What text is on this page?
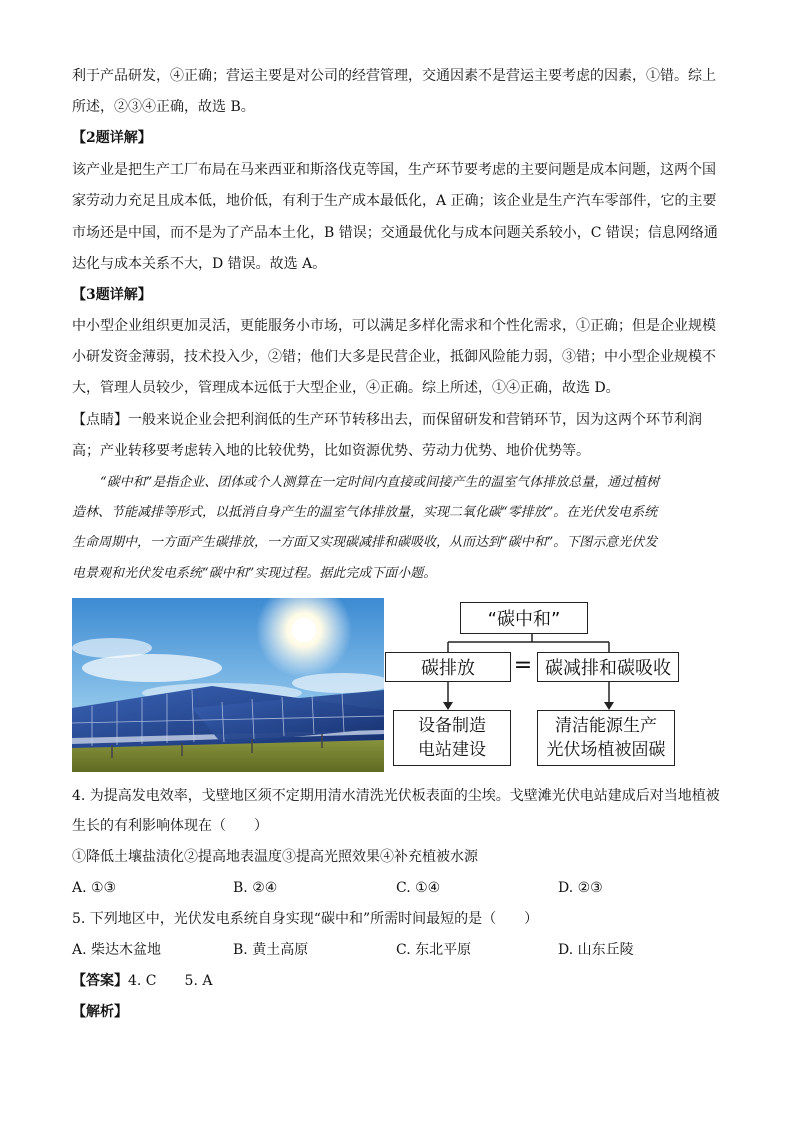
利于产品研发，④正确；营运主要是对公司的经营管理，交通因素不是营运主要考虑的因素，①错。综上
所述，②③④正确，故选 B。
【2题详解】
该产业是把生产工厂布局在马来西亚和斯洛伐克等国，生产环节要考虑的主要问题是成本问题，这两个国
家劳动力充足且成本低，地价低，有利于生产成本最低化，A 正确；该企业是生产汽车零部件，它的主要
市场还是中国，而不是为了产品本土化，B 错误；交通最优化与成本问题关系较小，C 错误；信息网络通
达化与成本关系不大，D 错误。故选 A。
【3题详解】
中小型企业组织更加灵活，更能服务小市场，可以满足多样化需求和个性化需求，①正确；但是企业规模
小研发资金薄弱，技术投入少，②错；他们大多是民营企业，抵御风险能力弱，③错；中小型企业规模不
大，管理人员较少，管理成本远低于大型企业，④正确。综上所述，①④正确，故选 D。
【点睛】一般来说企业会把利润低的生产环节转移出去，而保留研发和营销环节，因为这两个环节利润
高；产业转移要考虑转入地的比较优势，比如资源优势、劳动力优势、地价优势等。
“碳中和”是指企业、团体或个人测算在一定时间内直接或间接产生的温室气体排放总量，通过植树
造林、节能减排等形式，以抵消自身产生的温室气体排放量，实现二氧化碳“零排放”。在光伏发电系统
生命周期中，一方面产生碳排放，一方面又实现碳减排和碳吸收，从而达到“碳中和”。下图示意光伏发
电景观和光伏发电系统“碳中和”实现过程。据此完成下面小题。
“碳中和”
碳排放	= 碳减排和碳吸收
设备制造
电站建设
清洁能源生产
光伏场植被固碳
4. 为提高发电效率，戈壁地区须不定期用清水清洗光伏板表面的尘埃。戈壁滩光伏电站建成后对当地植被
生长的有利影响体现在（　　）
①降低土壤盐渍化②提高地表温度③提高光照效果④补充植被水源
A. ①③	B. ②④	C. ①④	D. ②③
5. 下列地区中，光伏发电系统自身实现“碳中和”所需时间最短的是（　　）
A. 柴达木盆地	B. 黄土高原	C. 东北平原	D. 山东丘陵
【答案】4. C 5. A
【解析】
